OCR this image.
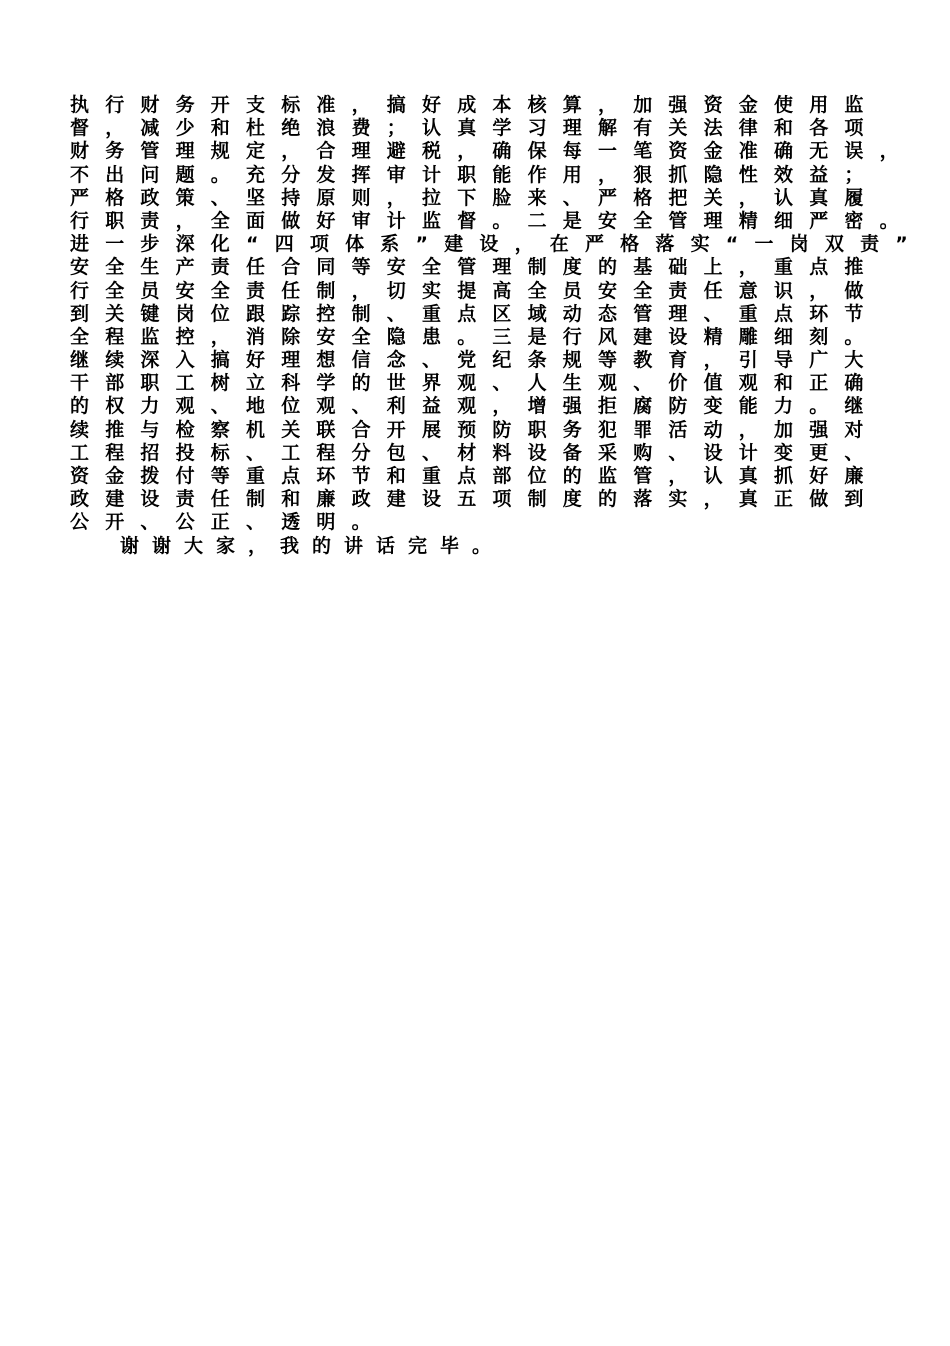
执行财务开支标准，搞好成本核算，加强资金使用监
督，减少和杜绝浪费；认真学习理解有关法律和各项
财务管理规定，合理避税，确保每一笔资金准确无误，
不出问题。充分发挥审计职能作用，狠抓隐性效益；
严格政策、坚持原则，拉下脸来、严格把关，认真履
行职责，全面做好审计监督。二是安全管理精细严密。
进一步深化“四项体系”建设，在严格落实“一岗双责”
安全生产责任合同等安全管理制度的基础上，重点推
行全员安全责任制，切实提高全员安全责任意识，做
到关键岗位跟踪控制、重点区域动态管理、重点环节
全程监控，消除安全隐患。三是行风建设精雕细刻。
继续深入搞好理想信念、党纪条规等教育，引导广大
干部职工树立科学的世界观、人生观、价值观和正确
的权力观、地位观、利益观，增强拒腐防变能力。继
续推与检察机关联合开展预防职务犯罪活动，加强对
工程招投标、工程分包、材料设备采购、设计变更、
资金拨付等重点环节和重点部位的监管，认真抓好廉
政建设责任制和廉政建设五项制度的落实，真正做到
公开、公正、透明。
谢谢大家，我的讲话完毕。
